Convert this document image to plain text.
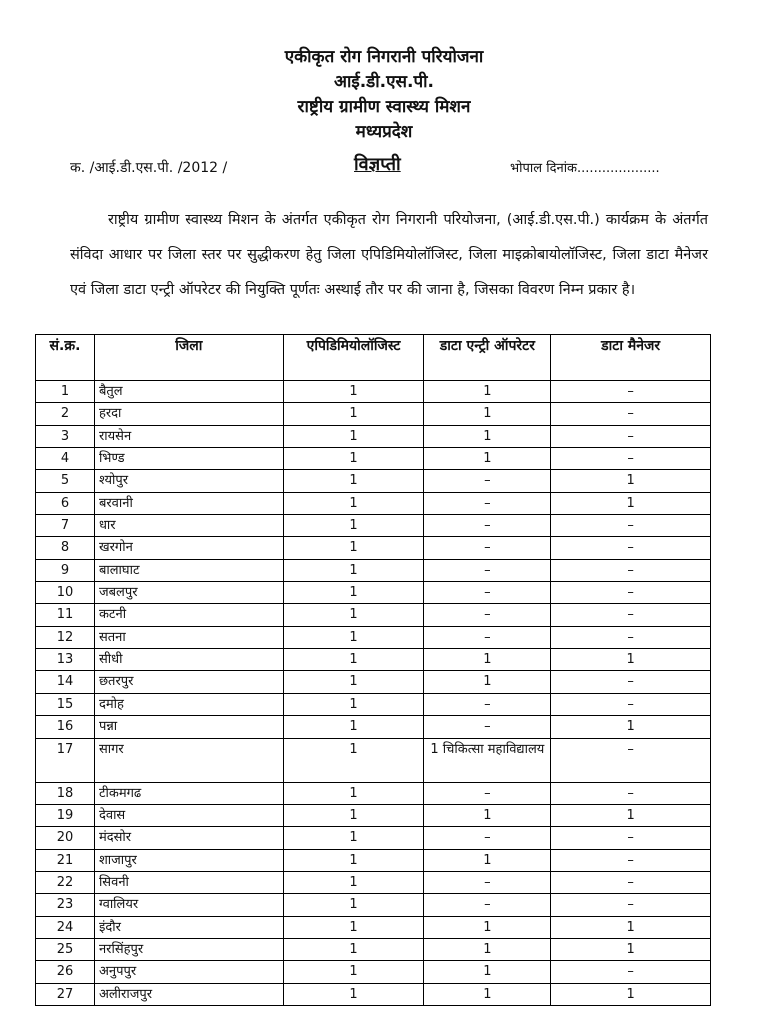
एकीकृत रोग निगरानी परियोजना
आई.डी.एस.पी.
राष्ट्रीय ग्रामीण स्वास्थ्य मिशन
मध्यप्रदेश
क. /आई.डी.एस.पी. /2012 /	विज्ञप्ती	भोपाल दिनांक....................

राष्ट्रीय ग्रामीण स्वास्थ्य मिशन के अंतर्गत एकीकृत रोग निगरानी परियोजना, (आई.डी.एस.पी.) कार्यक्रम के अंतर्गत संविदा आधार पर जिला स्तर पर सुद्धीकरण हेतु जिला एपिडिमियोलॉजिस्ट, जिला माइक्रोबायोलॉजिस्ट, जिला डाटा मैनेजर एवं जिला डाटा एन्ट्री ऑपरेटर की नियुक्ति पूर्णतः अस्थाई तौर पर की जाना है, जिसका विवरण निम्न प्रकार है।

सं.क्र.	जिला	एपिडिमियोलॉजिस्ट	डाटा एन्ट्री ऑपरेटर	डाटा मैनेजर
1	बैतुल	1	1	–
2	हरदा	1	1	–
3	रायसेन	1	1	–
4	भिण्ड	1	1	–
5	श्योपुर	1	–	1
6	बरवानी	1	–	1
7	धार	1	–	–
8	खरगोन	1	–	–
9	बालाघाट	1	–	–
10	जबलपुर	1	–	–
11	कटनी	1	–	–
12	सतना	1	–	–
13	सीधी	1	1	1
14	छतरपुर	1	1	–
15	दमोह	1	–	–
16	पन्ना	1	–	1
17	सागर	1	1 चिकित्सा महाविद्यालय	–
18	टीकमगढ	1	–	–
19	देवास	1	1	1
20	मंदसोर	1	–	–
21	शाजापुर	1	1	–
22	सिवनी	1	–	–
23	ग्वालियर	1	–	–
24	इंदौर	1	1	1
25	नरसिंहपुर	1	1	1
26	अनुपपुर	1	1	–
27	अलीराजपुर	1	1	1
